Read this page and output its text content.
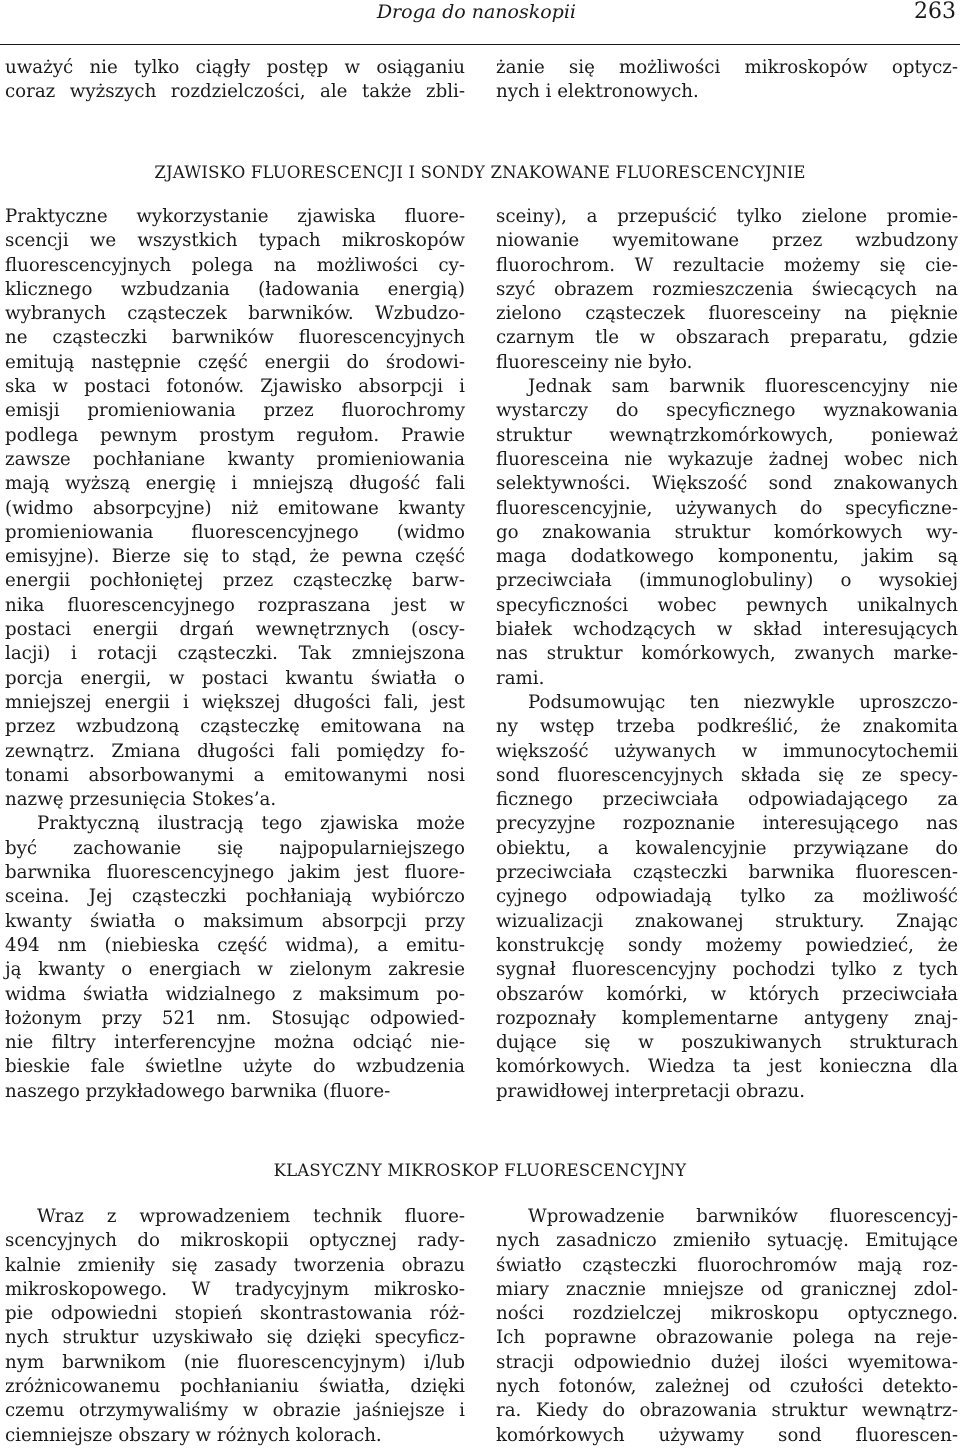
Droga do nanoskopii	263
uważyć nie tylko ciągły postęp w osiąganiu
coraz wyższych rozdzielczości, ale także zbli-
żanie się możliwości mikroskopów optycz-
nych i elektronowych.
ZJAWISKO FLUORESCENCJI I SONDY ZNAKOWANE FLUORESCENCYJNIE
Praktyczne wykorzystanie zjawiska fluore-
scencji we wszystkich typach mikroskopów
fluorescencyjnych polega na możliwości cy-
klicznego wzbudzania (ładowania energią)
wybranych cząsteczek barwników. Wzbudzo-
ne cząsteczki barwników fluorescencyjnych
emitują następnie część energii do środowi-
ska w postaci fotonów. Zjawisko absorpcji i
emisji promieniowania przez fluorochromy
podlega pewnym prostym regułom. Prawie
zawsze pochłaniane kwanty promieniowania
mają wyższą energię i mniejszą długość fali
(widmo absorpcyjne) niż emitowane kwanty
promieniowania fluorescencyjnego (widmo
emisyjne). Bierze się to stąd, że pewna część
energii pochłoniętej przez cząsteczkę barw-
nika fluorescencyjnego rozpraszana jest w
postaci energii drgań wewnętrznych (oscy-
lacji) i rotacji cząsteczki. Tak zmniejszona
porcja energii, w postaci kwantu światła o
mniejszej energii i większej długości fali, jest
przez wzbudzoną cząsteczkę emitowana na
zewnątrz. Zmiana długości fali pomiędzy fo-
tonami absorbowanymi a emitowanymi nosi
nazwę przesunięcia Stokes’a.
Praktyczną ilustracją tego zjawiska może
być zachowanie się najpopularniejszego
barwnika fluorescencyjnego jakim jest fluore-
sceina. Jej cząsteczki pochłaniają wybiórczo
kwanty światła o maksimum absorpcji przy
494 nm (niebieska część widma), a emitu-
ją kwanty o energiach w zielonym zakresie
widma światła widzialnego z maksimum po-
łożonym przy 521 nm. Stosując odpowied-
nie filtry interferencyjne można odciąć nie-
bieskie fale świetlne użyte do wzbudzenia
naszego przykładowego barwnika (fluore-
sceiny), a przepuścić tylko zielone promie-
niowanie wyemitowane przez wzbudzony
fluorochrom. W rezultacie możemy się cie-
szyć obrazem rozmieszczenia świecących na
zielono cząsteczek fluoresceiny na pięknie
czarnym tle w obszarach preparatu, gdzie
fluoresceiny nie było.
Jednak sam barwnik fluorescencyjny nie
wystarczy do specyficznego wyznakowania
struktur wewnątrzkomórkowych, ponieważ
fluoresceina nie wykazuje żadnej wobec nich
selektywności. Większość sond znakowanych
fluorescencyjnie, używanych do specyficzne-
go znakowania struktur komórkowych wy-
maga dodatkowego komponentu, jakim są
przeciwciała (immunoglobuliny) o wysokiej
specyficzności wobec pewnych unikalnych
białek wchodzących w skład interesujących
nas struktur komórkowych, zwanych marke-
rami.
Podsumowując ten niezwykle uproszczo-
ny wstęp trzeba podkreślić, że znakomita
większość używanych w immunocytochemii
sond fluorescencyjnych składa się ze specy-
ficznego przeciwciała odpowiadającego za
precyzyjne rozpoznanie interesującego nas
obiektu, a kowalencyjnie przywiązane do
przeciwciała cząsteczki barwnika fluorescen-
cyjnego odpowiadają tylko za możliwość
wizualizacji znakowanej struktury. Znając
konstrukcję sondy możemy powiedzieć, że
sygnał fluorescencyjny pochodzi tylko z tych
obszarów komórki, w których przeciwciała
rozpoznały komplementarne antygeny znaj-
dujące się w poszukiwanych strukturach
komórkowych. Wiedza ta jest konieczna dla
prawidłowej interpretacji obrazu.
KLASYCZNY MIKROSKOP FLUORESCENCYJNY
Wraz z wprowadzeniem technik fluore-
scencyjnych do mikroskopii optycznej rady-
kalnie zmieniły się zasady tworzenia obrazu
mikroskopowego. W tradycyjnym mikrosko-
pie odpowiedni stopień skontrastowania róż-
nych struktur uzyskiwało się dzięki specyficz-
nym barwnikom (nie fluorescencyjnym) i/lub
zróżnicowanemu pochłanianiu światła, dzięki
czemu otrzymywaliśmy w obrazie jaśniejsze i
ciemniejsze obszary w różnych kolorach.
Wprowadzenie barwników fluorescencyj-
nych zasadniczo zmieniło sytuację. Emitujące
światło cząsteczki fluorochromów mają roz-
miary znacznie mniejsze od granicznej zdol-
ności rozdzielczej mikroskopu optycznego.
Ich poprawne obrazowanie polega na reje-
stracji odpowiednio dużej ilości wyemitowa-
nych fotonów, zależnej od czułości detekto-
ra. Kiedy do obrazowania struktur wewnątrz-
komórkowych używamy sond fluorescen-
